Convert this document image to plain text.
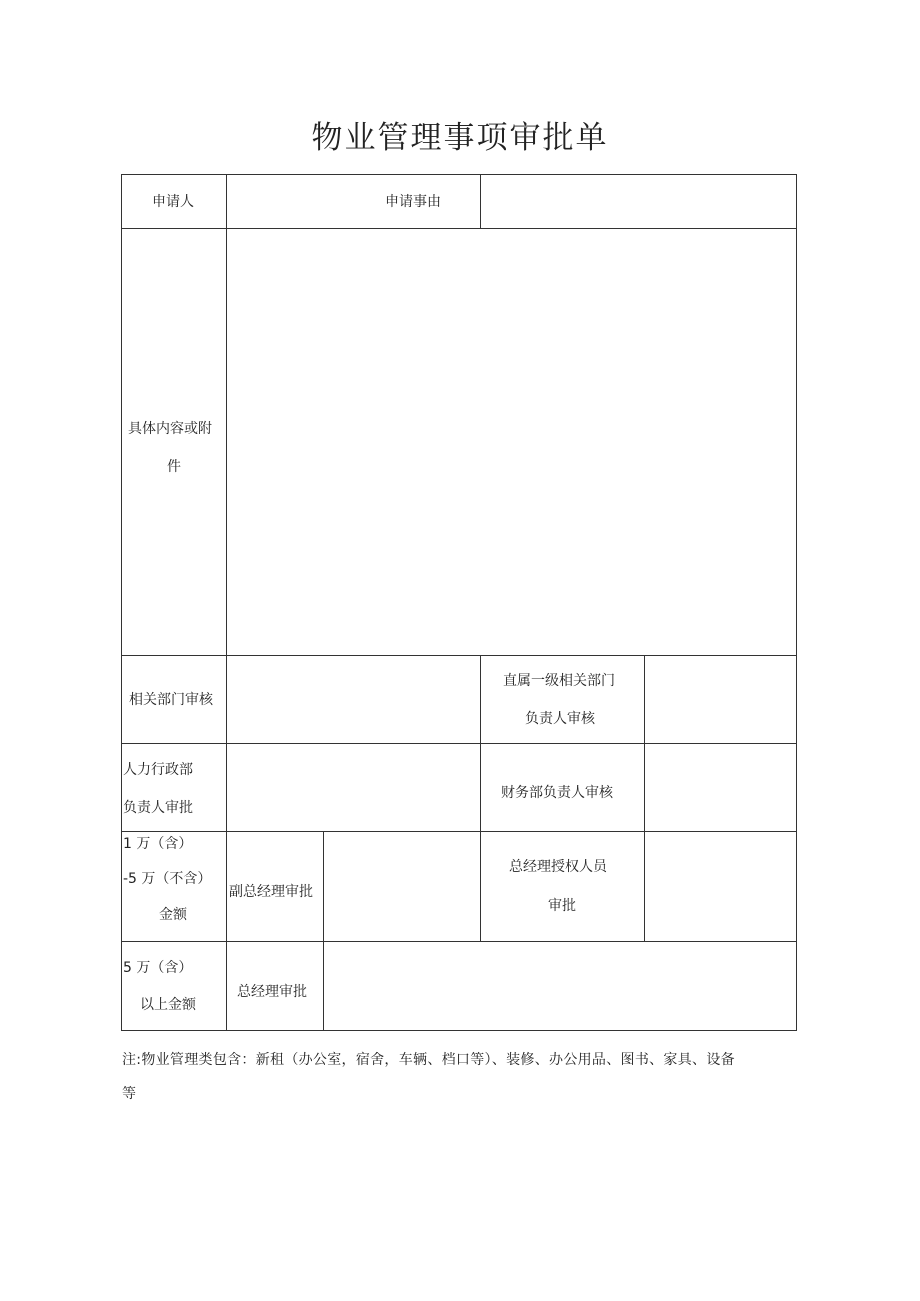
物业管理事项审批单
申请人	申请事由
具体内容或附
件
相关部门审核
直属一级相关部门
负责人审核
人力行政部
负责人审批
财务部负责人审核
1 万（含）
-5 万（不含）
金额
副总经理审批
总经理授权人员
审批
5 万（含）
以上金额
总经理审批
注:物业管理类包含：新租（办公室，宿舍，车辆、档口等）、装修、办公用品、图书、家具、设备
等
